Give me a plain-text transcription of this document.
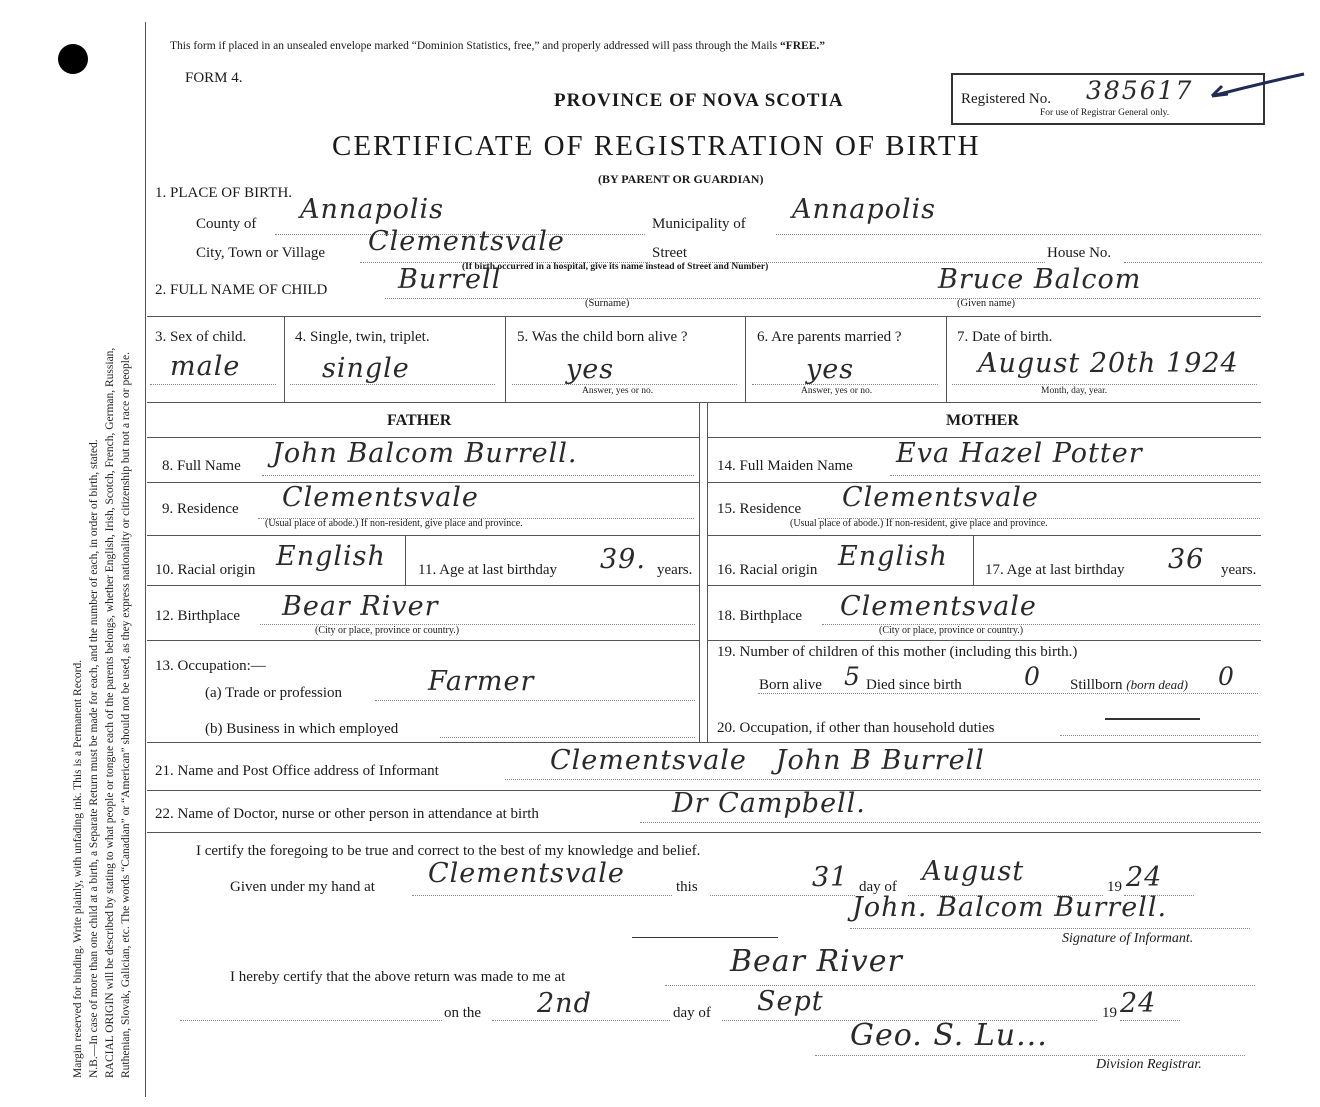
Margin reserved for binding. Write plainly, with unfading ink. This is a Permanent Record. N.B.—In case of more than one child at a birth, a Separate Return must be made for each, and the number of each, in order of birth, stated. RACIAL ORIGIN will be described by stating to what people or tongue each of the parents belongs, whether English, Irish, Scotch, French, German, Russian, Ruthenian, Slovak, Galician, etc. The words “Canadian” or “American” should not be used, as they express nationality or citizenship but not a race or people.
This form if placed in an unsealed envelope marked “Dominion Statistics, free,” and properly addressed will pass through the Mails “FREE.”
FORM 4.
PROVINCE OF NOVA SCOTIA
CERTIFICATE OF REGISTRATION OF BIRTH
(BY PARENT OR GUARDIAN)
Registered No. 385617
For use of Registrar General only.
1. PLACE OF BIRTH.
County of Annapolis	Municipality of Annapolis
City, Town or Village Clementsvale	Street	House No.
(If birth occurred in a hospital, give its name instead of Street and Number)
2. FULL NAME OF CHILD	Burrell	Bruce Balcom
(Surname)	(Given name)
3. Sex of child.
male
4. Single, twin, triplet.
single
5. Was the child born alive ?
yes
Answer, yes or no.
6. Are parents married ?
yes
Answer, yes or no.
7. Date of birth.
August 20th 1924
Month, day, year.
FATHER	MOTHER
8. Full Name John Balcom Burrell.
9. Residence Clementsvale
(Usual place of abode.) If non-resident, give place and province.
10. Racial origin English 11. Age at last birthday 39. years.
12. Birthplace Bear River
(City or place, province or country.)
13. Occupation:—
(a) Trade or profession	Farmer
(b) Business in which employed
14. Full Maiden Name Eva Hazel Potter
15. Residence Clementsvale
(Usual place of abode.) If non-resident, give place and province.
16. Racial origin English 17. Age at last birthday 36 years.
18. Birthplace Clementsvale
(City or place, province or country.)
19. Number of children of this mother (including this birth.)
Born alive 5 Died since birth 0 Stillborn (born dead) 0
20. Occupation, if other than household duties
21. Name and Post Office address of Informant	Clementsvale   John B Burrell
22. Name of Doctor, nurse or other person in attendance at birth	Dr Campbell.
I certify the foregoing to be true and correct to the best of my knowledge and belief.
Given under my hand at Clementsvale	this	31 day of August	19 24
John. Balcom Burrell.
Signature of Informant.
I hereby certify that the above return was made to me at	Bear River
on the 2nd	day of Sept	19 24
Geo. S. Lu...
Division Registrar.
